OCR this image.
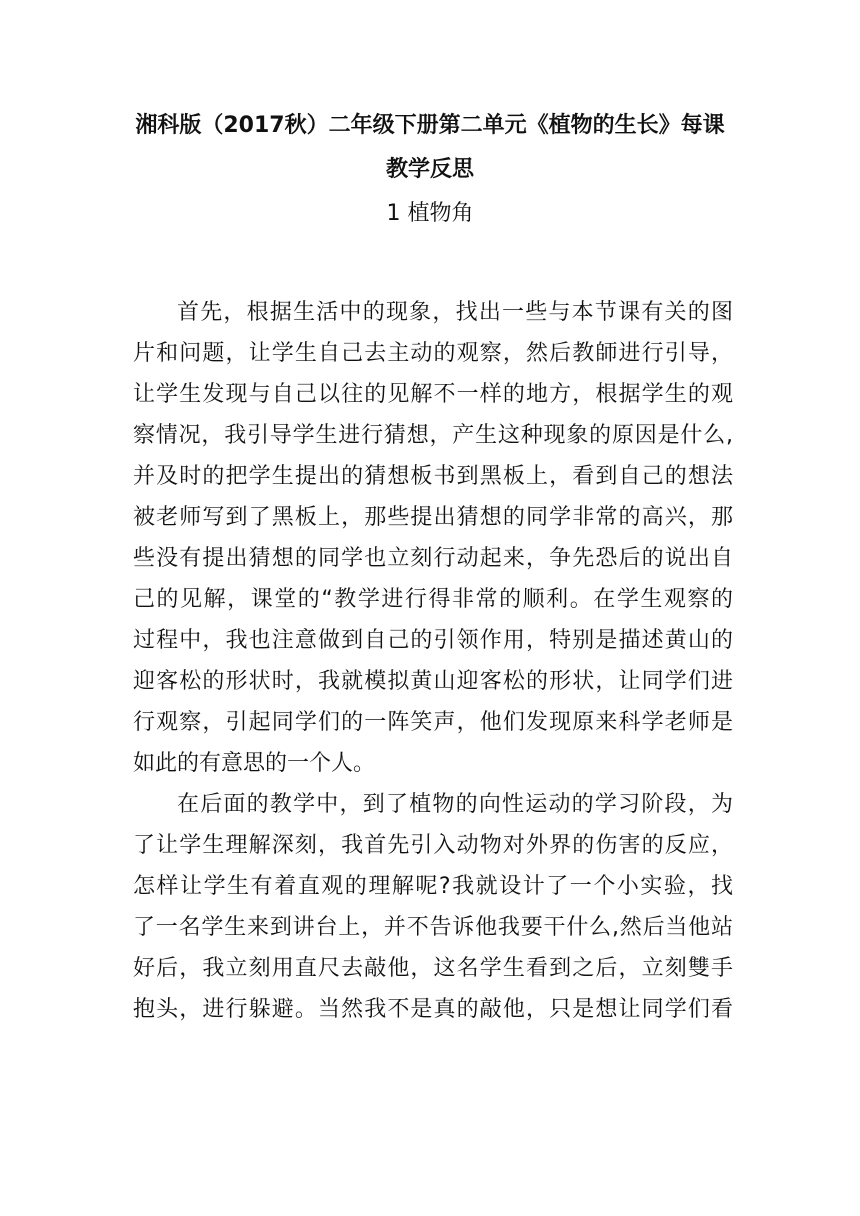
湘科版（2017秋）二年级下册第二单元《植物的生长》每课
教学反思
1 植物角
首先，根据生活中的现象，找出一些与本节课有关的图
片和问题，让学生自己去主动的观察，然后教師进行引导，
让学生发现与自己以往的见解不一样的地方，根据学生的观
察情况，我引导学生进行猜想，产生这种现象的原因是什么,
并及时的把学生提出的猜想板书到黑板上，看到自己的想法
被老师写到了黑板上，那些提出猜想的同学非常的高兴，那
些没有提出猜想的同学也立刻行动起来，争先恐后的说出自
己的见解，课堂的“教学进行得非常的顺利。在学生观察的
过程中，我也注意做到自己的引领作用，特别是描述黄山的
迎客松的形状时，我就模拟黄山迎客松的形状，让同学们进
行观察，引起同学们的一阵笑声，他们发现原来科学老师是
如此的有意思的一个人。
在后面的教学中，到了植物的向性运动的学习阶段，为
了让学生理解深刻，我首先引入动物对外界的伤害的反应，
怎样让学生有着直观的理解呢?我就设计了一个小实验，找
了一名学生来到讲台上，并不告诉他我要干什么,然后当他站
好后，我立刻用直尺去敲他，这名学生看到之后，立刻雙手
抱头，进行躲避。当然我不是真的敲他，只是想让同学们看
